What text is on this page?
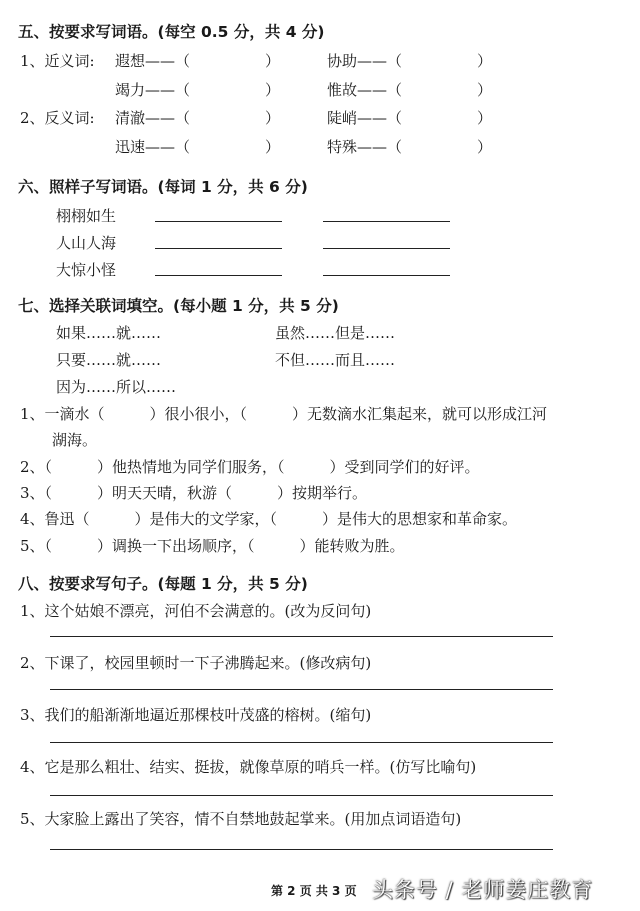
五、按要求写词语。(每空 0.5 分，共 4 分)
1、近义词: 遐想——（　　　　　）	协助——（　　　　　）
竭力——（　　　　　）	惟故——（　　　　　）
2、反义词: 清澈——（　　　　　）	陡峭——（　　　　　）
迅速——（　　　　　）	特殊——（　　　　　）
六、照样子写词语。(每词 1 分，共 6 分)
栩栩如生
人山人海
大惊小怪
七、选择关联词填空。(每小题 1 分，共 5 分)
如果……就……	虽然……但是……
只要……就……	不但……而且……
因为……所以……
1、一滴水（　　　）很小很小，（　　　）无数滴水汇集起来，就可以形成江河
湖海。
2、（　　　）他热情地为同学们服务，（　　　）受到同学们的好评。
3、（　　　）明天天晴，秋游（　　　）按期举行。
4、鲁迅（　　　）是伟大的文学家，（　　　）是伟大的思想家和革命家。
5、（　　　）调换一下出场顺序，（　　　）能转败为胜。
八、按要求写句子。(每题 1 分，共 5 分)
1、这个姑娘不漂亮，河伯不会满意的。(改为反问句)
2、下课了，校园里顿时一下子沸腾起来。(修改病句)
3、我们的船渐渐地逼近那棵枝叶茂盛的榕树。(缩句)
4、它是那么粗壮、结实、挺拔，就像草原的哨兵一样。(仿写比喻句)
5、大家脸上露出了笑容，情不自禁地鼓起掌来。(用加点词语造句)
第 2 页 共 3 页 头条号 / 老师姜庄教育
